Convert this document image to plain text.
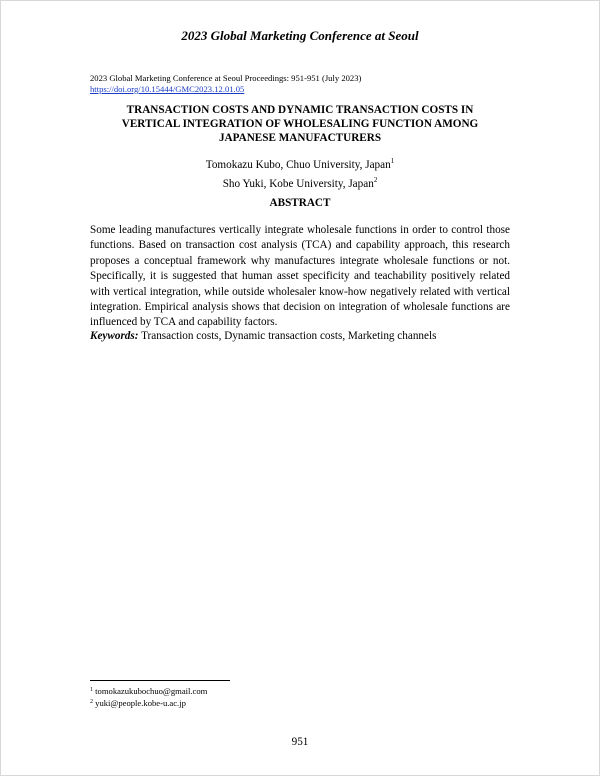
2023 Global Marketing Conference at Seoul
2023 Global Marketing Conference at Seoul Proceedings: 951-951 (July 2023)
https://doi.org/10.15444/GMC2023.12.01.05
TRANSACTION COSTS AND DYNAMIC TRANSACTION COSTS IN
VERTICAL INTEGRATION OF WHOLESALING FUNCTION AMONG
JAPANESE MANUFACTURERS
Tomokazu Kubo, Chuo University, Japan$^1$
Sho Yuki, Kobe University, Japan$^2$
ABSTRACT
Some leading manufactures vertically integrate wholesale functions in order to control those functions. Based on transaction cost analysis (TCA) and capability approach, this research proposes a conceptual framework why manufactures integrate wholesale functions or not. Specifically, it is suggested that human asset specificity and teachability positively related with vertical integration, while outside wholesaler know-how negatively related with vertical integration. Empirical analysis shows that decision on integration of wholesale functions are influenced by TCA and capability factors.
Keywords: Transaction costs, Dynamic transaction costs, Marketing channels
$^1$ tomokazukubochuo@gmail.com
$^2$ yuki@people.kobe-u.ac.jp
951
